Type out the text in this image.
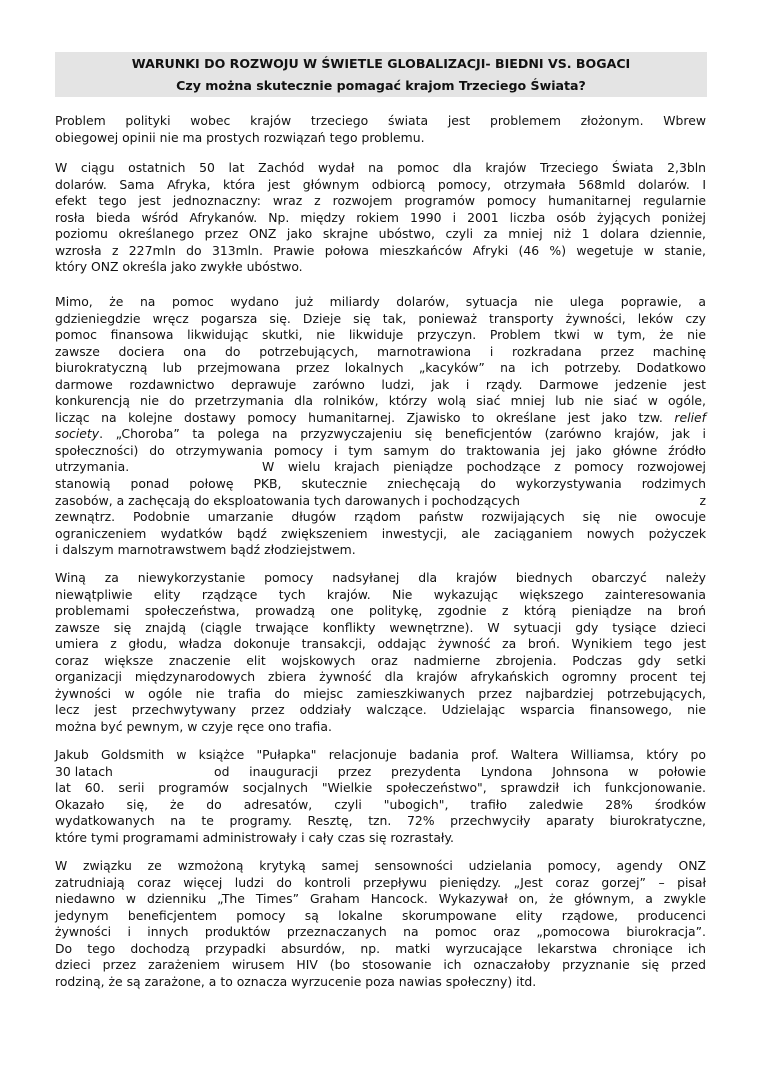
WARUNKI DO ROZWOJU W ŚWIETLE GLOBALIZACJI- BIEDNI VS. BOGACI
Czy można skutecznie pomagać krajom Trzeciego Świata?
Problem polityki wobec krajów trzeciego świata jest problemem złożonym. Wbrew
obiegowej opinii nie ma prostych rozwiązań tego problemu.
W ciągu ostatnich 50 lat Zachód wydał na pomoc dla krajów Trzeciego Świata 2,3bln
dolarów. Sama Afryka, która jest głównym odbiorcą pomocy, otrzymała 568mld dolarów. I
efekt tego jest jednoznaczny: wraz z rozwojem programów pomocy humanitarnej regularnie
rosła bieda wśród Afrykanów. Np. między rokiem 1990 i 2001 liczba osób żyjących poniżej
poziomu określanego przez ONZ jako skrajne ubóstwo, czyli za mniej niż 1 dolara dziennie,
wzrosła z 227mln do 313mln. Prawie połowa mieszkańców Afryki (46 %) wegetuje w stanie,
który ONZ określa jako zwykłe ubóstwo.
Mimo, że na pomoc wydano już miliardy dolarów, sytuacja nie ulega poprawie, a
gdzieniegdzie wręcz pogarsza się. Dzieje się tak, ponieważ transporty żywności, leków czy
pomoc finansowa likwidując skutki, nie likwiduje przyczyn. Problem tkwi w tym, że nie
zawsze dociera ona do potrzebujących, marnotrawiona i rozkradana przez machinę
biurokratyczną lub przejmowana przez lokalnych „kacyków” na ich potrzeby. Dodatkowo
darmowe rozdawnictwo deprawuje zarówno ludzi, jak i rządy. Darmowe jedzenie jest
konkurencją nie do przetrzymania dla rolników, którzy wolą siać mniej lub nie siać w ogóle,
licząc na kolejne dostawy pomocy humanitarnej. Zjawisko to określane jest jako tzw. relief
society. „Choroba” ta polega na przyzwyczajeniu się beneficjentów (zarówno krajów, jak i
społeczności) do otrzymywania pomocy i tym samym do traktowania jej jako główne źródło
utrzymania.	W wielu krajach pieniądze pochodzące z pomocy rozwojowej
stanowią ponad połowę PKB, skutecznie zniechęcają do wykorzystywania rodzimych
zasobów, a zachęcają do eksploatowania tych darowanych i pochodzących	z
zewnątrz. Podobnie umarzanie długów rządom państw rozwijających się nie owocuje
ograniczeniem wydatków bądź zwiększeniem inwestycji, ale zaciąganiem nowych pożyczek
i dalszym marnotrawstwem bądź złodziejstwem.
Winą za niewykorzystanie pomocy nadsyłanej dla krajów biednych obarczyć należy
niewątpliwie elity rządzące tych krajów. Nie wykazując większego zainteresowania
problemami społeczeństwa, prowadzą one politykę, zgodnie z którą pieniądze na broń
zawsze się znajdą (ciągle trwające konflikty wewnętrzne). W sytuacji gdy tysiące dzieci
umiera z głodu, władza dokonuje transakcji, oddając żywność za broń. Wynikiem tego jest
coraz większe znaczenie elit wojskowych oraz nadmierne zbrojenia. Podczas gdy setki
organizacji międzynarodowych zbiera żywność dla krajów afrykańskich ogromny procent tej
żywności w ogóle nie trafia do miejsc zamieszkiwanych przez najbardziej potrzebujących,
lecz jest przechwytywany przez oddziały walczące. Udzielając wsparcia finansowego, nie
można być pewnym, w czyje ręce ono trafia.
Jakub Goldsmith w książce "Pułapka" relacjonuje badania prof. Waltera Williamsa, który po
30 latach	od inauguracji przez prezydenta Lyndona Johnsona w połowie
lat 60. serii programów socjalnych "Wielkie społeczeństwo", sprawdził ich funkcjonowanie.
Okazało się, że do adresatów, czyli "ubogich", trafiło zaledwie 28% środków
wydatkowanych na te programy. Resztę, tzn. 72% przechwyciły aparaty biurokratyczne,
które tymi programami administrowały i cały czas się rozrastały.
W związku ze wzmożoną krytyką samej sensowności udzielania pomocy, agendy ONZ
zatrudniają coraz więcej ludzi do kontroli przepływu pieniędzy. „Jest coraz gorzej” – pisał
niedawno w dzienniku „The Times” Graham Hancock. Wykazywał on, że głównym, a zwykle
jedynym beneficjentem pomocy są lokalne skorumpowane elity rządowe, producenci
żywności i innych produktów przeznaczanych na pomoc oraz „pomocowa biurokracja”.
Do tego dochodzą przypadki absurdów, np. matki wyrzucające lekarstwa chroniące ich
dzieci przez zarażeniem wirusem HIV (bo stosowanie ich oznaczałoby przyznanie się przed
rodziną, że są zarażone, a to oznacza wyrzucenie poza nawias społeczny) itd.
